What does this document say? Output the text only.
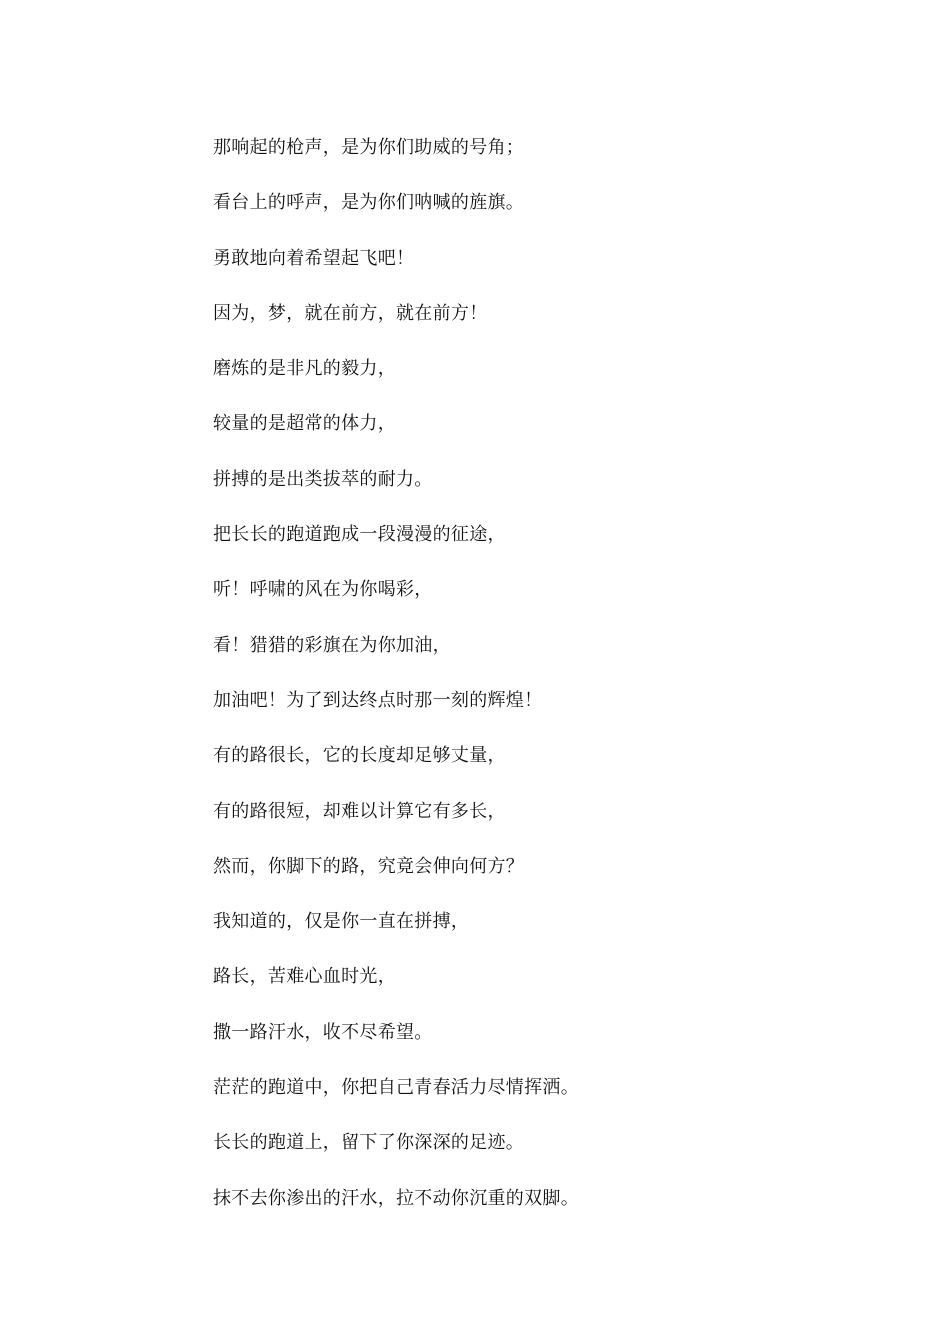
那响起的枪声，是为你们助威的号角；

看台上的呼声，是为你们呐喊的旌旗。

勇敢地向着希望起飞吧！

因为，梦，就在前方，就在前方！

磨炼的是非凡的毅力，

较量的是超常的体力，

拼搏的是出类拔萃的耐力。

把长长的跑道跑成一段漫漫的征途，

听！呼啸的风在为你喝彩，

看！猎猎的彩旗在为你加油，

加油吧！为了到达终点时那一刻的辉煌！

有的路很长，它的长度却足够丈量，

有的路很短，却难以计算它有多长，

然而，你脚下的路，究竟会伸向何方？

我知道的，仅是你一直在拼搏，

路长，苦难心血时光，

撒一路汗水，收不尽希望。

茫茫的跑道中，你把自己青春活力尽情挥洒。

长长的跑道上，留下了你深深的足迹。

抹不去你渗出的汗水，拉不动你沉重的双脚。
